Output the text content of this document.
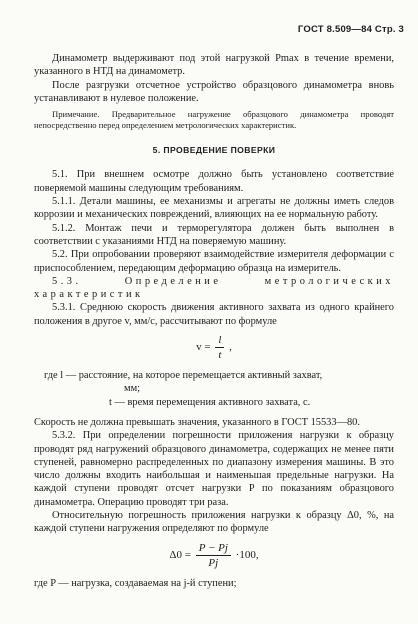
ГОСТ 8.509—84 Стр. 3

Динамометр выдерживают под этой нагрузкой Pmax в течение времени, указанного в НТД на динамометр.

После разгрузки отсчетное устройство образцового динамометра вновь устанавливают в нулевое положение.

Примечание. Предварительное нагружение образцового динамометра проводят непосредственно перед определением метрологических характеристик.

5. ПРОВЕДЕНИЕ ПОВЕРКИ

5.1. При внешнем осмотре должно быть установлено соответствие поверяемой машины следующим требованиям.

5.1.1. Детали машины, ее механизмы и агрегаты не должны иметь следов коррозии и механических повреждений, влияющих на ее нормальную работу.

5.1.2. Монтаж печи и терморегулятора должен быть выполнен в соответствии с указаниями НТД на поверяемую машину.

5.2. При опробовании проверяют взаимодействие измерителя деформации с приспособлением, передающим деформацию образца на измеритель.

5.3. Определение метрологических характеристик

5.3.1. Среднюю скорость движения активного захвата из одного крайнего положения в другое v, мм/с, рассчитывают по формуле

$v = \frac{l}{t}$ ,
где l — расстояние, на которое перемещается активный захват,
мм;
t — время перемещения активного захвата, с.

Скорость не должна превышать значения, указанного в ГОСТ 15533—80.

5.3.2. При определении погрешности приложения нагрузки к образцу проводят ряд нагружений образцового динамометра, содержащих не менее пяти ступеней, равномерно распределенных по диапазону измерения машины. В это число должны входить наибольшая и наименьшая предельные нагрузки. На каждой ступени проводят отсчет нагрузки P по показаниям образцового динамометра. Операцию проводят три раза.

Относительную погрешность приложения нагрузки к образцу Δ0, %, на каждой ступени нагружения определяют по формуле

$\Delta 0 = \frac{P - Pj}{Pj} \cdot 100$,

где P — нагрузка, создаваемая на j-й ступени;
